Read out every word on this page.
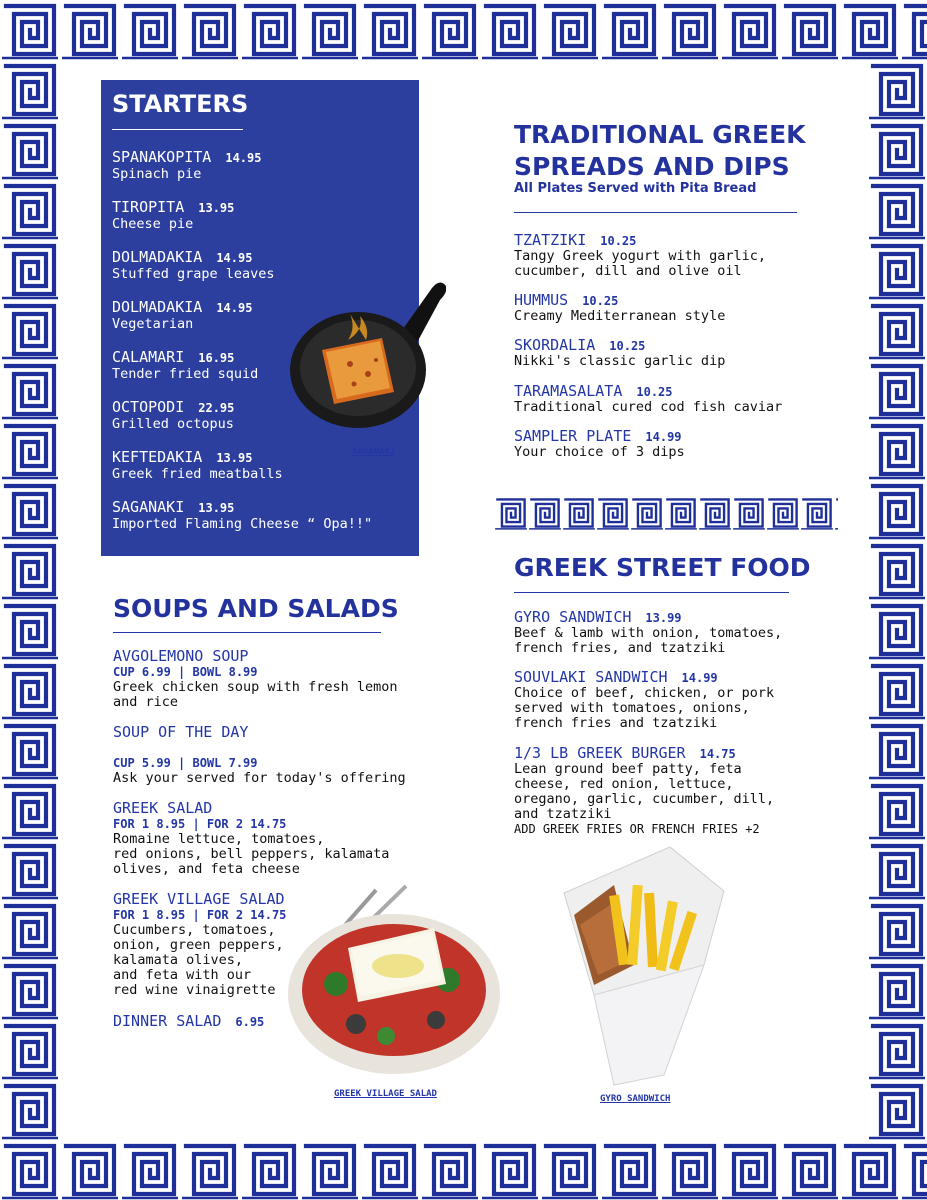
STARTERS
SPANAKOPITA 14.95
Spinach pie
TIROPITA 13.95
Cheese pie
DOLMADAKIA 14.95
Stuffed grape leaves
DOLMADAKIA 14.95
Vegetarian
CALAMARI 16.95
Tender fried squid
OCTOPODI 22.95
Grilled octopus
KEFTEDAKIA 13.95
Greek fried meatballs
SAGANAKI 13.95
Imported Flaming Cheese “ Opa!!"
SAGANAKI
TRADITIONAL GREEK
SPREADS AND DIPS
All Plates Served with Pita Bread
TZATZIKI 10.25
Tangy Greek yogurt with garlic,
cucumber, dill and olive oil
HUMMUS 10.25
Creamy Mediterranean style
SKORDALIA 10.25
Nikki's classic garlic dip
TARAMASALATA 10.25
Traditional cured cod fish caviar
SAMPLER PLATE 14.99
Your choice of 3 dips
GREEK STREET FOOD
GYRO SANDWICH 13.99
Beef & lamb with onion, tomatoes,
french fries, and tzatziki
SOUVLAKI SANDWICH 14.99
Choice of beef, chicken, or pork
served with tomatoes, onions,
french fries and tzatziki
1/3 LB GREEK BURGER 14.75
Lean ground beef patty, feta
cheese, red onion, lettuce,
oregano, garlic, cucumber, dill,
and tzatziki
ADD GREEK FRIES OR FRENCH FRIES +2
SOUPS AND SALADS
AVGOLEMONO SOUP
CUP 6.99 | BOWL 8.99
Greek chicken soup with fresh lemon
and rice
SOUP OF THE DAY
CUP 5.99 | BOWL 7.99
Ask your served for today's offering
GREEK SALAD
FOR 1 8.95 | FOR 2 14.75
Romaine lettuce, tomatoes,
red onions, bell peppers, kalamata
olives, and feta cheese
GREEK VILLAGE SALAD
FOR 1 8.95 | FOR 2 14.75
Cucumbers, tomatoes,
onion, green peppers,
kalamata olives,
and feta with our
red wine vinaigrette
DINNER SALAD 6.95
GREEK VILLAGE SALAD	GYRO SANDWICH
